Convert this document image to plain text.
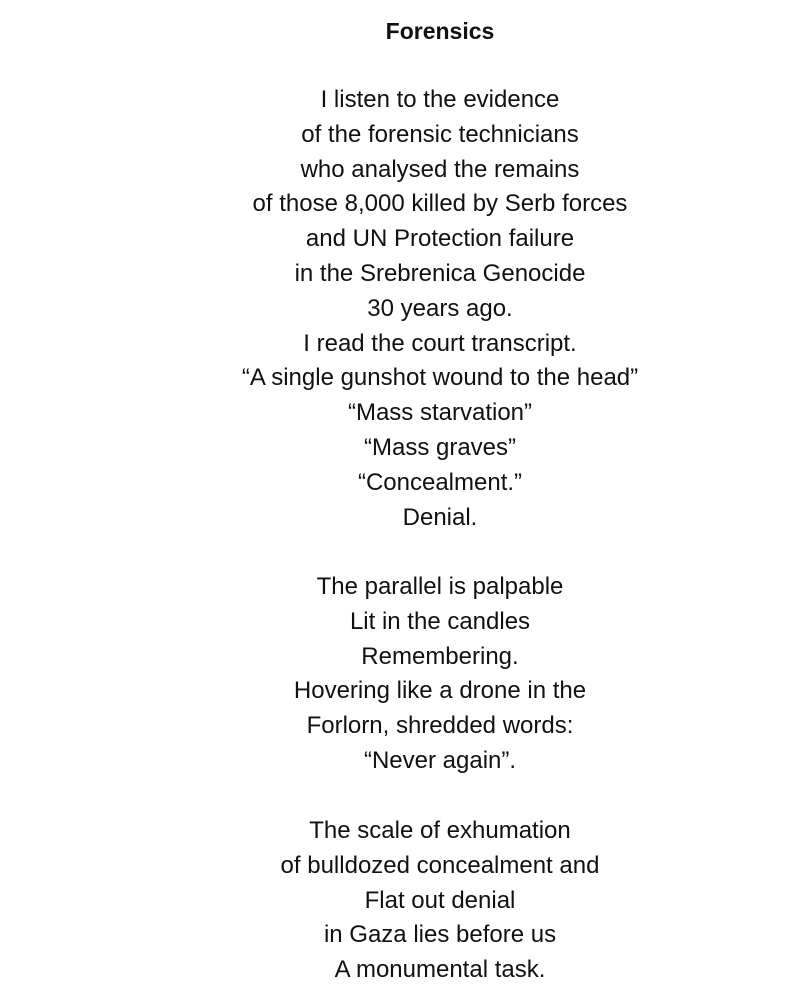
Forensics
I listen to the evidence
of the forensic technicians
who analysed the remains
of those 8,000 killed by Serb forces
and UN Protection failure
in the Srebrenica Genocide
30 years ago.
I read the court transcript.
“A single gunshot wound to the head”
“Mass starvation”
“Mass graves”
“Concealment.”
Denial.
The parallel is palpable
Lit in the candles
Remembering.
Hovering like a drone in the
Forlorn, shredded words:
“Never again”.
The scale of exhumation
of bulldozed concealment and
Flat out denial
in Gaza lies before us
A monumental task.
